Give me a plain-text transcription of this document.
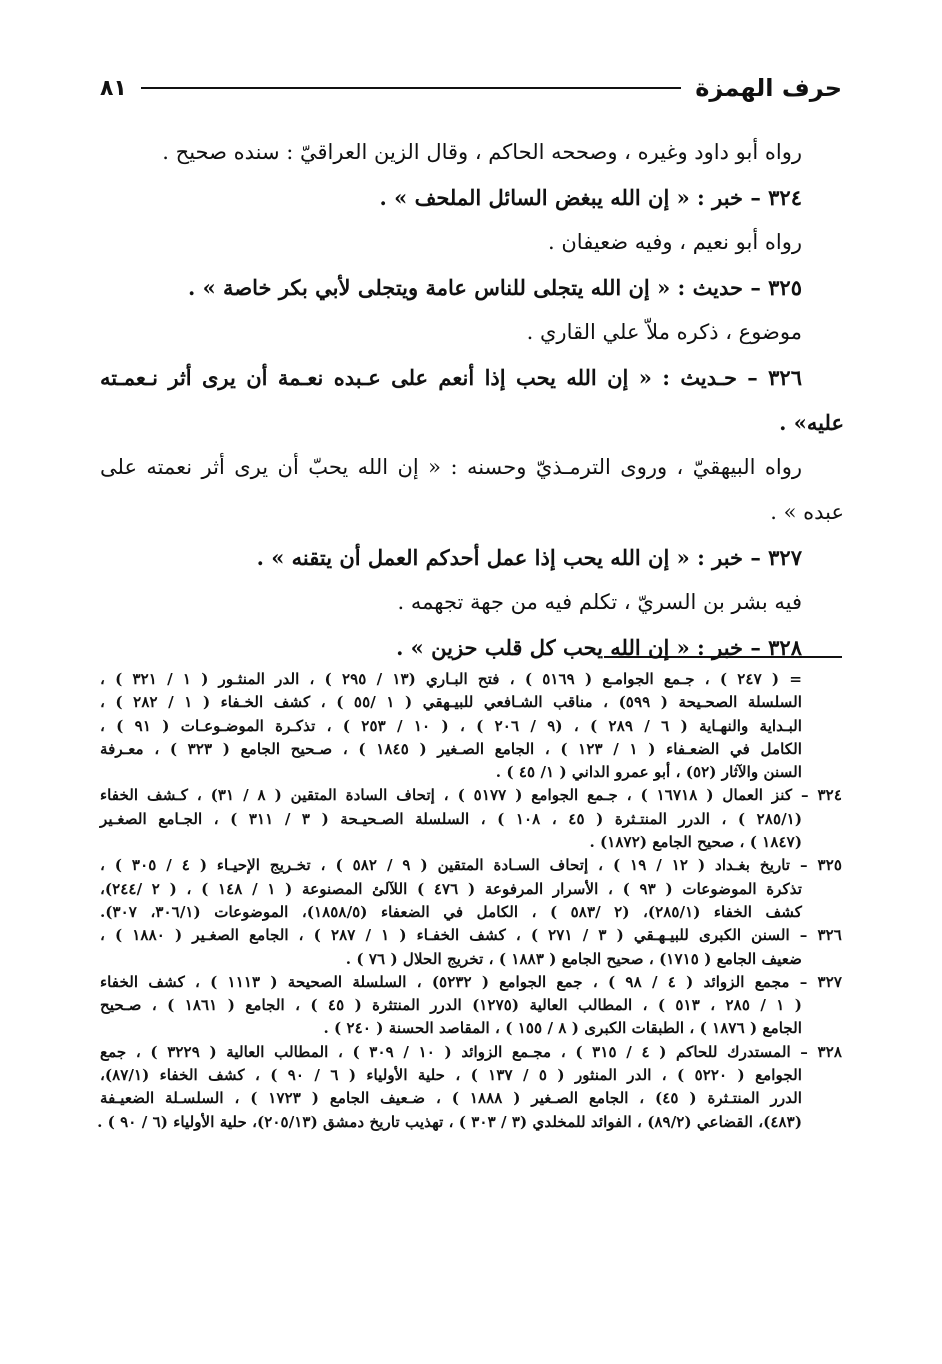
حرف الهمزة
٨١
رواه أبو داود وغيره ، وصححه الحاكم ، وقال الزين العراقيّ : سنده صحيح .
٣٢٤ – خبر : « إن الله يبغض السائل الملحف » .
رواه أبو نعيم ، وفيه ضعيفان .
٣٢٥ – حديث : « إن الله يتجلى للناس عامة ويتجلى لأبي بكر خاصة » .
موضوع ، ذكره ملاّ علي القاري .
٣٢٦ – حـديث : « إن الله يحب إذا أنعم على عـبده نعـمة أن يرى أثر نـعمـته
عليه» .
رواه البيهقيّ ، وروى الترمـذيّ وحسنه : « إن الله يحبّ أن يرى أثر نعمته على
عبده » .
٣٢٧ – خبر : « إن الله يحب إذا عمل أحدكم العمل أن يتقنه » .
فيه بشر بن السريّ ، تكلم فيه من جهة تجهمه .
٣٢٨ – خبر : « إن الله يحب كل قلب حزين » .
= ( ٢٤٧ ) ، جـمع الجوامـع ( ٥١٦٩ ) ، فتح البـاري (١٣ / ٢٩٥ ) ، الدر المنثـور ( ١ / ٣٢١ ) ،
السلسلة الصحـيحة ( ٥٩٩) ، مناقب الشـافعي للبيـهقي ( ١ /٥٥ ) ، كشف الخـفاء ( ١ / ٢٨٢ ) ،
البـداية والنهـاية ( ٦ / ٢٨٩ ) ، (٩ / ٢٠٦ ) ، ( ١٠ / ٢٥٣ ) ، تذكـرة الموضـوعـات ( ٩١ ) ،
الكامل في الضعـفاء ( ١ / ١٢٣ ) ، الجامع الصـغير ( ١٨٤٥ ) ، صـحيح الجامع ( ٣٢٣ ) ، معـرفة
السنن والآثار (٥٢) ، أبو عمرو الداني ( ١/ ٤٥ ) .
٣٢٤ – كنز العمال ( ١٦٧١٨ ) ، جـمع الجوامع ( ٥١٧٧ ) ، إتحاف السادة المتقين ( ٨ / ٣١) ، كـشف الخفاء
(٢٨٥/١ ) ، الدرر المنتـثرة ( ٤٥ ، ١٠٨ ) ، السلسلة الصـحيـحة ( ٣ / ٣١١ ) ، الجـامع الصغـير
(١٨٤٧ ) ، صحيح الجامع (١٨٧٢) .
٣٢٥ – تاريخ بغـداد ( ١٢ / ١٩ ) ، إتحاف السـادة المتقين ( ٩ / ٥٨٢ ) ، تخـريج الإحيـاء ( ٤ / ٣٠٥ ) ،
تذكرة الموضوعات ( ٩٣ ) ، الأسرار المرفوعة ( ٤٧٦ ) اللآلئ المصنوعة ( ١ / ١٤٨ ) ، ( ٢ /٢٤٤)،
كشف الخفاء (٢٨٥/١)، (٢ /٥٨٣ ) ، الكامل في الضعفاء (١٨٥٨/٥)، الموضوعات (٣٠٦/١، ٣٠٧).
٣٢٦ – السنن الكبرى للبيـهـقي ( ٣ / ٢٧١ ) ، كشف الخفـاء ( ١ / ٢٨٧ ) ، الجامع الصغـير ( ١٨٨٠ ) ،
ضعيف الجامع ( ١٧١٥) ، صحيح الجامع ( ١٨٨٣ ) ، تخريج الحلال ( ٧٦ ) .
٣٢٧ – مجمع الزوائد ( ٤ / ٩٨ ) ، جمع الجوامع ( ٥٢٣٢) ، السلسلة الصحيحة ( ١١١٣ ) ، كشف الخفاء
( ١ / ٢٨٥ ، ٥١٣ ) ، المطالب العالية (١٢٧٥) الدرر المنتثرة ( ٤٥ ) ، الجامع ( ١٨٦١ ) ، صـحيح
الجامع ( ١٨٧٦ ) ، الطبقات الكبرى ( ٨ / ١٥٥ ) ، المقاصد الحسنة ( ٢٤٠ ) .
٣٢٨ – المستدرك للحاكم ( ٤ / ٣١٥ ) ، مجـمع الزوائد ( ١٠ / ٣٠٩ ) ، المطالب العالية ( ٣٢٢٩ ) ، جمع
الجوامع ( ٥٢٢٠ ) ، الدر المنثور ( ٥ / ١٣٧ ) ، حلية الأولياء ( ٦ / ٩٠ ) ، كشف الخفاء (٨٧/١)،
الدرر المنتـثرة ( ٤٥) ، الجامع الصـغير ( ١٨٨٨ ) ، ضـعيف الجامع ( ١٧٢٣ ) ، السلسـلة الضعيـفة
(٤٨٣)، القضاعي (٨٩/٢) ، الفوائد للمخلدي (٣ / ٣٠٣ ) ، تهذيب تاريخ دمشق (٢٠٥/١٣)، حلية الأولياء (٦ / ٩٠ ) .
